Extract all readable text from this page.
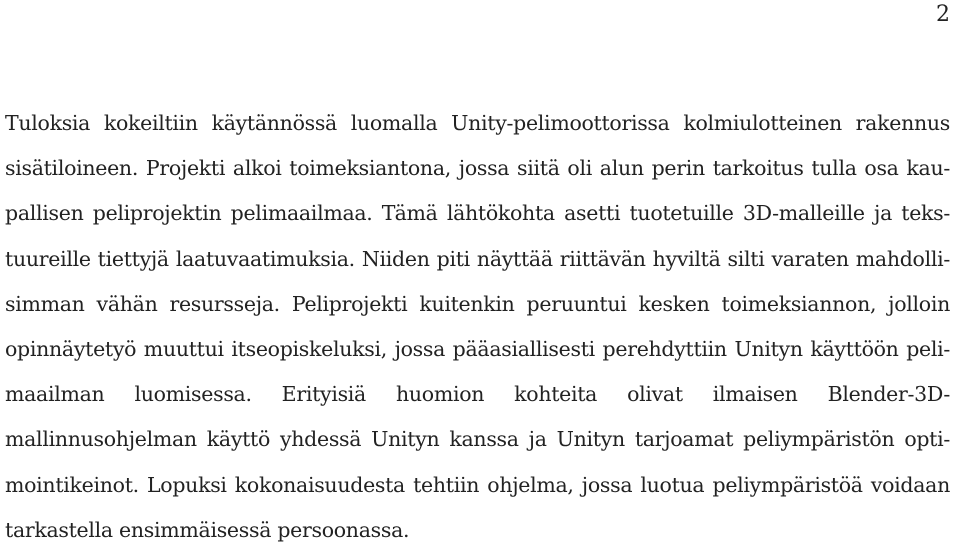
2
Tuloksia kokeiltiin käytännössä luomalla Unity-pelimoottorissa kolmiulotteinen rakennus
sisätiloineen. Projekti alkoi toimeksiantona, jossa siitä oli alun perin tarkoitus tulla osa kau-
pallisen peliprojektin pelimaailmaa. Tämä lähtökohta asetti tuotetuille 3D-malleille ja teks-
tuureille tiettyjä laatuvaatimuksia. Niiden piti näyttää riittävän hyviltä silti varaten mahdolli-
simman vähän resursseja. Peliprojekti kuitenkin peruuntui kesken toimeksiannon, jolloin
opinnäytetyö muuttui itseopiskeluksi, jossa pääasiallisesti perehdyttiin Unityn käyttöön peli-
maailman luomisessa. Erityisiä huomion kohteita olivat ilmaisen Blender-3D-
mallinnusohjelman käyttö yhdessä Unityn kanssa ja Unityn tarjoamat peliympäristön opti-
mointikeinot. Lopuksi kokonaisuudesta tehtiin ohjelma, jossa luotua peliympäristöä voidaan
tarkastella ensimmäisessä persoonassa.
